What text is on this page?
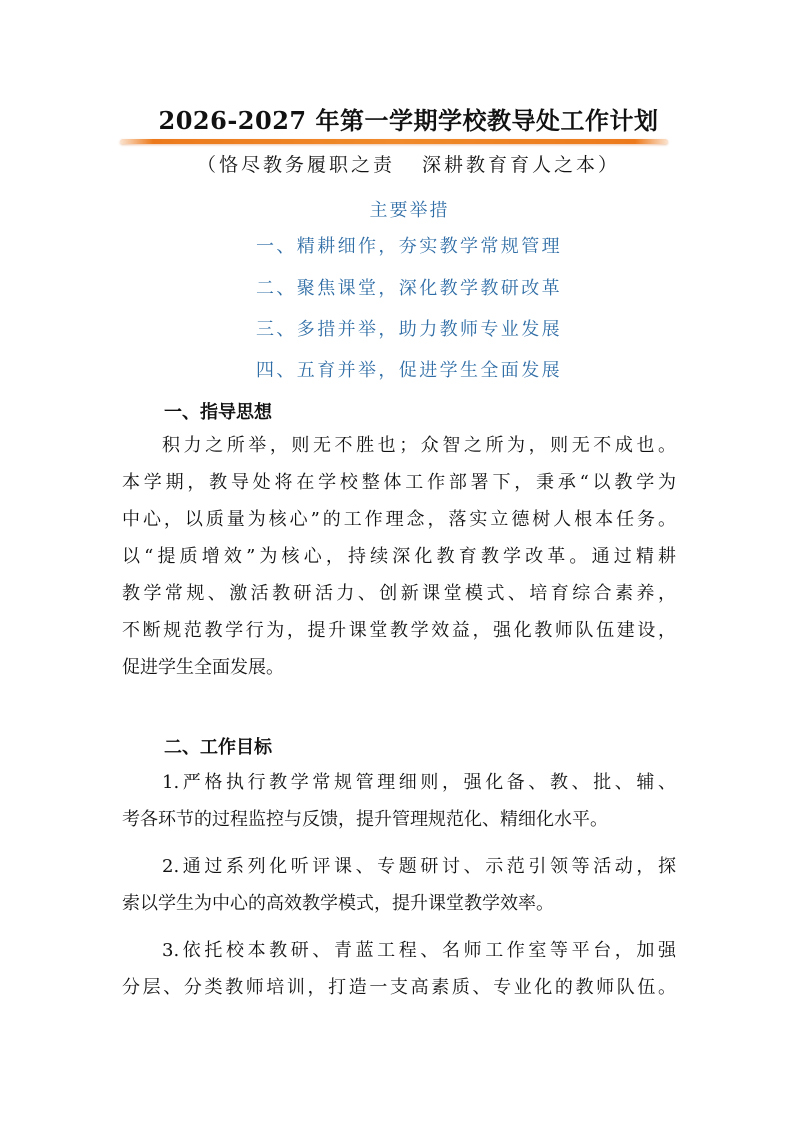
2026-2027 年第一学期学校教导处工作计划
（恪尽教务履职之责   深耕教育育人之本）
主要举措
一、精耕细作，夯实教学常规管理
二、聚焦课堂，深化教学教研改革
三、多措并举，助力教师专业发展
四、五育并举，促进学生全面发展
一、指导思想
积力之所举，则无不胜也；众智之所为，则无不成也。
本学期，教导处将在学校整体工作部署下，秉承“以教学为
中心，以质量为核心”的工作理念，落实立德树人根本任务。
以“提质增效”为核心，持续深化教育教学改革。通过精耕
教学常规、激活教研活力、创新课堂模式、培育综合素养，
不断规范教学行为，提升课堂教学效益，强化教师队伍建设，
促进学生全面发展。
二、工作目标
1.严格执行教学常规管理细则，强化备、教、批、辅、
考各环节的过程监控与反馈，提升管理规范化、精细化水平。
2.通过系列化听评课、专题研讨、示范引领等活动，探
索以学生为中心的高效教学模式，提升课堂教学效率。
3.依托校本教研、青蓝工程、名师工作室等平台，加强
分层、分类教师培训，打造一支高素质、专业化的教师队伍。
